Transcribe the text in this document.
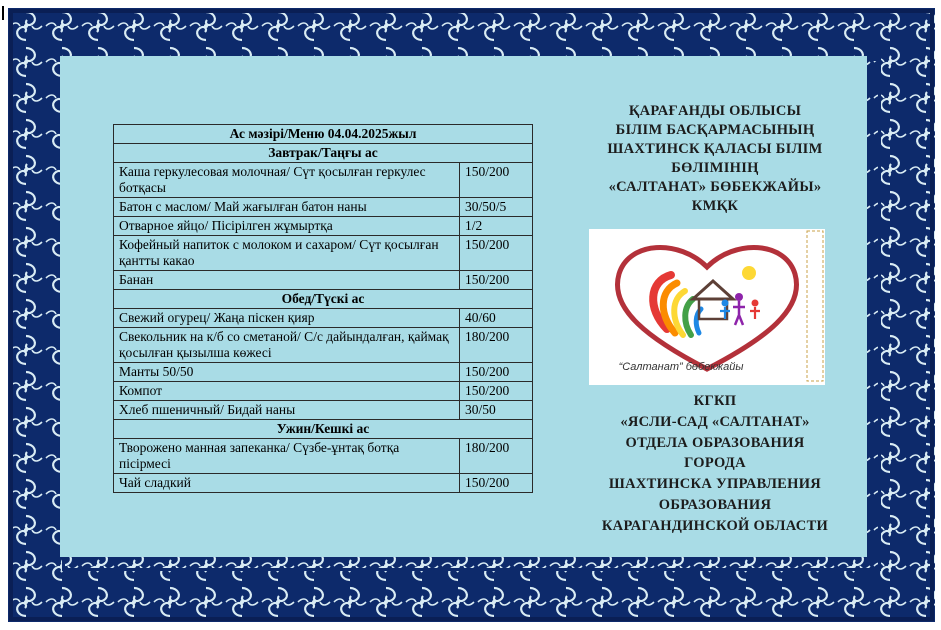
Ас мәзірі/Меню 04.04.2025жыл	
Завтрак/Таңғы ас	
Каша геркулесовая молочная/ Сүт қосылған геркулес ботқасы	150/200
Батон с маслом/ Май жағылған батон наны	30/50/5
Отварное яйцо/ Пісірілген жұмыртқа	1/2
Кофейный напиток с молоком и сахаром/ Сүт қосылған қантты какао	150/200
Банан	150/200
Обед/Түскі ас	
Свежий огурец/ Жаңа піскен қияр	40/60
Свекольник на к/б со сметаной/ С/с дайындалған, қаймақ қосылған қызылша көжесі	180/200
Манты 50/50	150/200
Компот	150/200
Хлеб пшеничный/ Бидай наны	30/50
Ужин/Кешкі ас	
Твороженo манная запеканка/ Сүзбе-ұнтақ ботқа пісірмесі	180/200
Чай сладкий	150/200
ҚАРАҒАНДЫ ОБЛЫСЫ
БІЛІМ БАСҚАРМАСЫНЫҢ
ШАХТИНСК ҚАЛАСЫ БІЛІМ
БӨЛІМІНІҢ
«САЛТАНАТ» БӨБЕКЖАЙЫ»
КМҚК
“Салтанат” бөбекжайы
КГКП
«ЯСЛИ-САД «САЛТАНАТ»
ОТДЕЛА ОБРАЗОВАНИЯ
ГОРОДА
ШАХТИНСКА УПРАВЛЕНИЯ
ОБРАЗОВАНИЯ
КАРАГАНДИНСКОЙ ОБЛАСТИ
